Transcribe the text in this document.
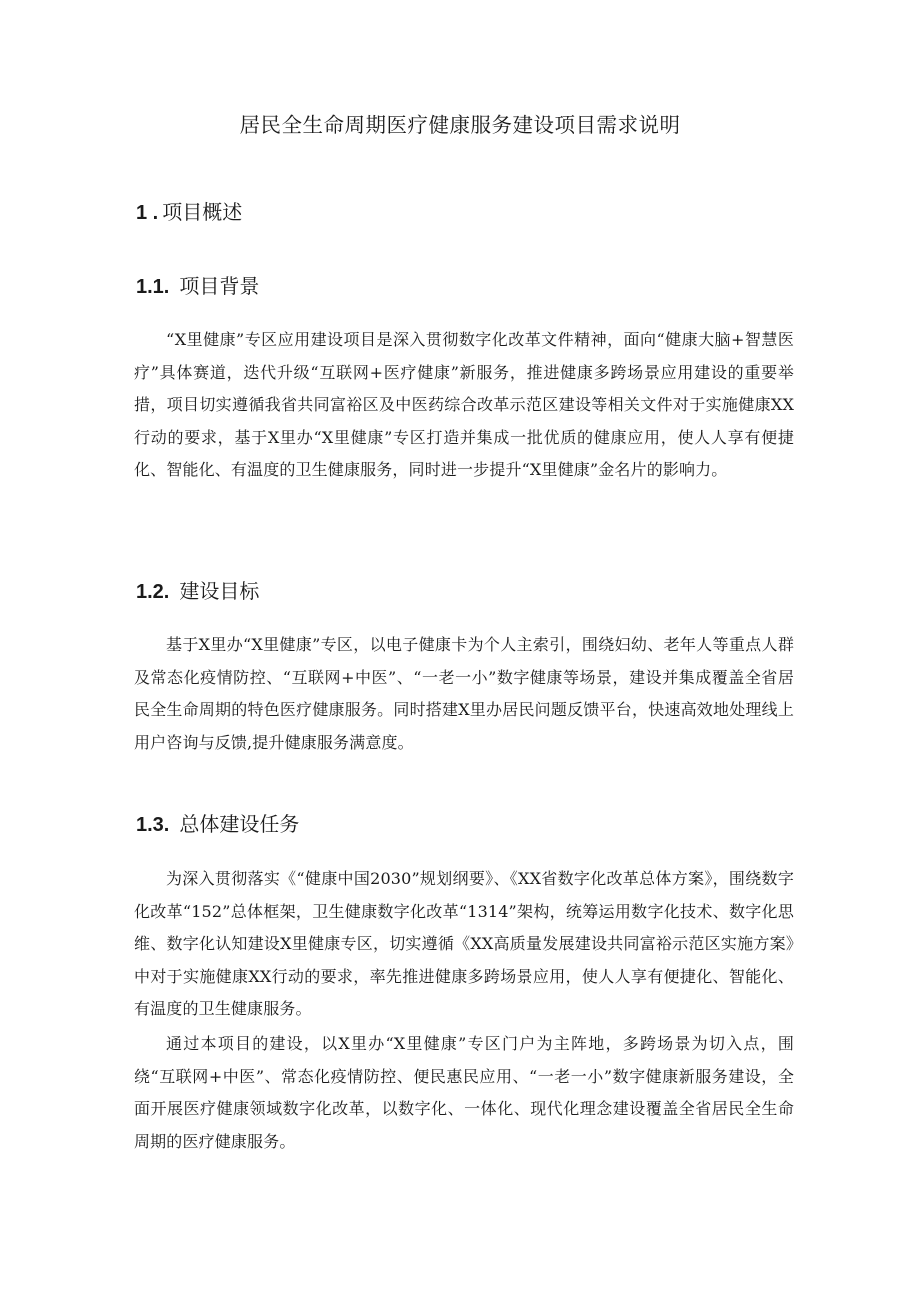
居民全生命周期医疗健康服务建设项目需求说明
1 . 项目概述
1.1. 项目背景

“X里健康”专区应用建设项目是深入贯彻数字化改革文件精神，面向“健康大脑+智慧医疗”具体赛道，迭代升级“互联网+医疗健康”新服务，推进健康多跨场景应用建设的重要举措，项目切实遵循我省共同富裕区及中医药综合改革示范区建设等相关文件对于实施健康XX行动的要求，基于X里办“X里健康”专区打造并集成一批优质的健康应用，使人人享有便捷化、智能化、有温度的卫生健康服务，同时进一步提升“X里健康”金名片的影响力。

1.2. 建设目标

基于X里办“X里健康”专区，以电子健康卡为个人主索引，围绕妇幼、老年人等重点人群及常态化疫情防控、“互联网+中医”、“一老一小”数字健康等场景，建设并集成覆盖全省居民全生命周期的特色医疗健康服务。同时搭建X里办居民问题反馈平台，快速高效地处理线上用户咨询与反馈,提升健康服务满意度。

1.3. 总体建设任务

为深入贯彻落实《“健康中国2030”规划纲要》、《XX省数字化改革总体方案》，围绕数字化改革“152”总体框架，卫生健康数字化改革“1314”架构，统筹运用数字化技术、数字化思维、数字化认知建设X里健康专区，切实遵循《XX高质量发展建设共同富裕示范区实施方案》中对于实施健康XX行动的要求，率先推进健康多跨场景应用，使人人享有便捷化、智能化、有温度的卫生健康服务。

通过本项目的建设，以X里办“X里健康”专区门户为主阵地，多跨场景为切入点，围绕“互联网+中医”、常态化疫情防控、便民惠民应用、“一老一小”数字健康新服务建设，全面开展医疗健康领域数字化改革，以数字化、一体化、现代化理念建设覆盖全省居民全生命周期的医疗健康服务。
